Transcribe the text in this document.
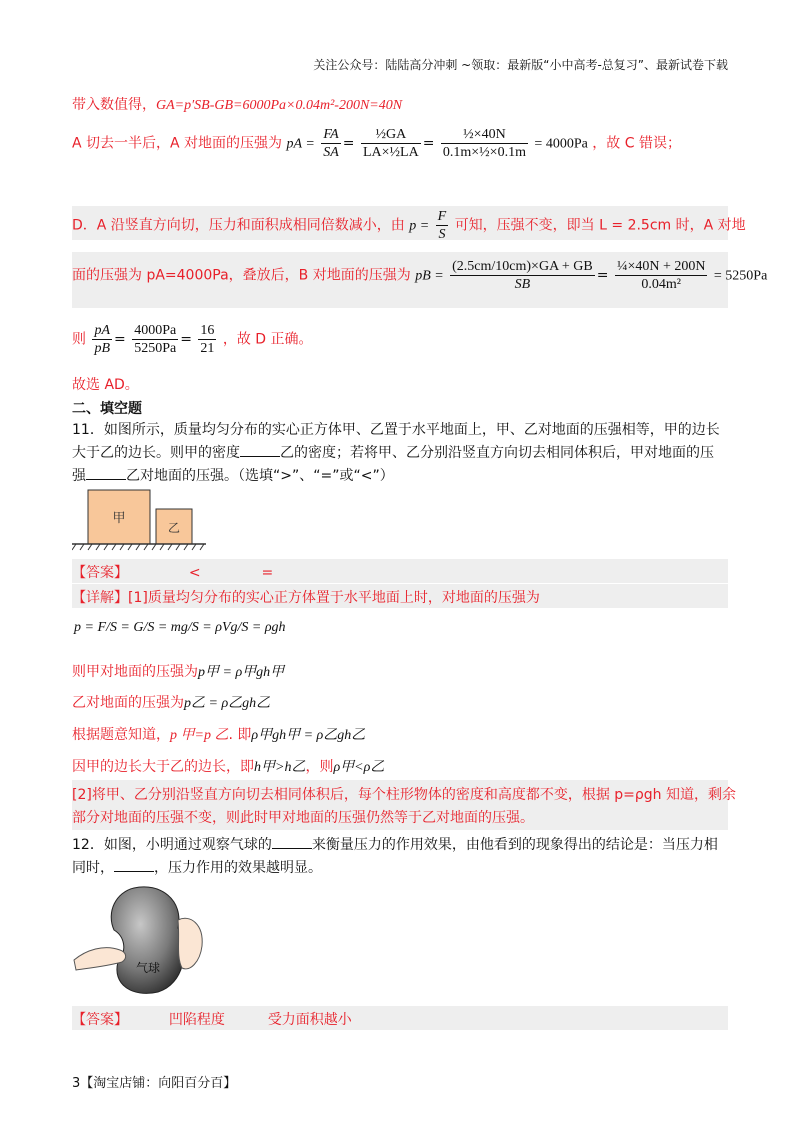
关注公众号：陆陆高分冲刺 ~领取：最新版“小中高考-总复习”、最新试卷下载
带入数值得，GA=p′SB-GB=6000Pa×0.04m²-200N=40N
A 切去一半后，A 对地面的压强为 pA = $\frac{FA}{SA} = \frac{\text{½GA}}{\text{LA×½LA}} = \frac{\text{½×40N}}{\text{0.1m×½×0.1m}} = 4000Pa$ ，故 C 错误；
D．A 沿竖直方向切，压力和面积成相同倍数减小，由 $p = \frac{F}{S}$ 可知，压强不变，即当 L = 2.5cm 时，A 对地
面的压强为 pA=4000Pa，叠放后，B 对地面的压强为 pB = $\frac{(2.5cm/10cm)\times GA + GB}{SB} = \frac{\text{¼×40N + 200N}}{\text{0.04m²}} = 5250Pa$
则 $\frac{pA}{pB} = \frac{4000Pa}{5250Pa} = \frac{16}{21}$ ，故 D 正确。
故选 AD。
二、填空题
11．如图所示，质量均匀分布的实心正方体甲、乙置于水平地面上，甲、乙对地面的压强相等，甲的边长
大于乙的边长。则甲的密度	乙的密度；若将甲、乙分别沿竖直方向切去相同体积后，甲对地面的压
强	乙对地面的压强。（选填“>”、“=”或“<”）
甲
乙
【答案】	<	=
【详解】[1]质量均匀分布的实心正方体置于水平地面上时，对地面的压强为
p = F/S = G/S = mg/S = ρVg/S = ρgh
则甲对地面的压强为p甲 = ρ甲gh甲
乙对地面的压强为p乙 = ρ乙gh乙
根据题意知道，p 甲=p 乙. 即ρ甲gh甲 = ρ乙gh乙
因甲的边长大于乙的边长，即h甲>h乙，则ρ甲<ρ乙
[2]将甲、乙分别沿竖直方向切去相同体积后，每个柱形物体的密度和高度都不变，根据 p=ρgh 知道，剩余
部分对地面的压强不变，则此时甲对地面的压强仍然等于乙对地面的压强。
12．如图，小明通过观察气球的	来衡量压力的作用效果，由他看到的现象得出的结论是：当压力相
同时，	，压力作用的效果越明显。
气球
【答案】	凹陷程度	受力面积越小
3【淘宝店铺：向阳百分百】
